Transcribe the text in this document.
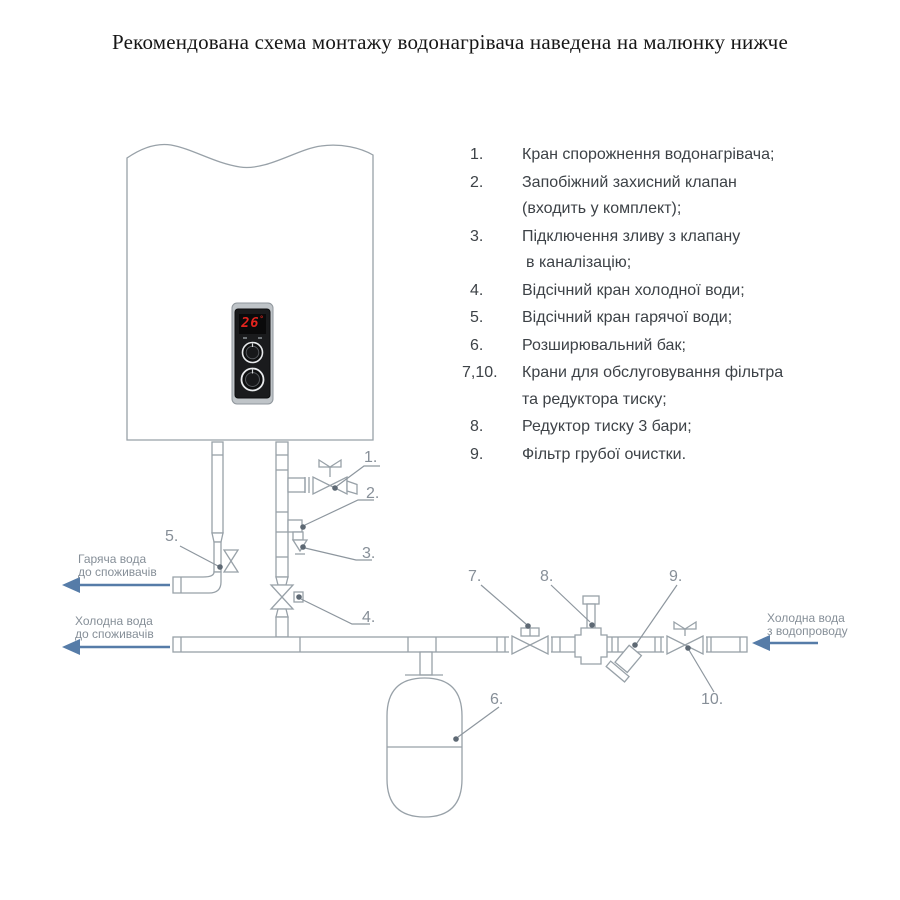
Рекомендована схема монтажу водонагрівача наведена на малюнку нижче
26°
1.
2.
3.
4.
5.
6.
7.	8.	9.
10.
Гаряча вода
до споживачів
Холодна вода
до споживачів
Холодна вода
з водопроводу
1.	Кран спорожнення водонагрівача;
2.	Запобіжний захисний клапан
(входить у комплект);
3.	Підключення зливу з клапану
в каналізацію;
4.	Відсічний кран холодної води;
5.	Відсічний кран гарячої води;
6.	Розширювальний бак;
7,10.	Крани для обслуговування фільтра
та редуктора тиску;
8.	Редуктор тиску 3 бари;
9.	Фільтр грубої очистки.
